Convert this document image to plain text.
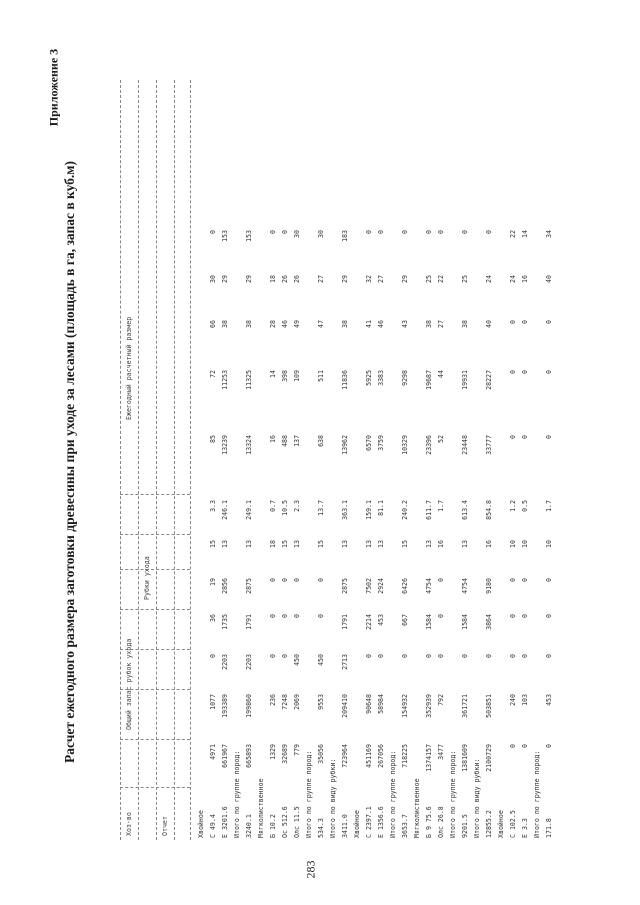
Приложение 3
Расчет ежегодного размера заготовки древесины при уходе за лесами (площадь в га, запас в куб.м)
Хоз-во
Общий запас рубок ухода
Рубки ухода
Ежегодный расчетный размер
Отчет	Хвойное С 49.4
4971
1077
0
36
19
15
3.3
85
72
66
30
0
Е 3201.6
661967
193389
2203
1735
2856
13
246.1
13239
11253
38
29
153
Итого по группе пород: 3240.1
665893
199860
2203
1791
2875
13
249.1
13324
11325
38
29
153
Мягколиственное Б 10.2
1329
236
0
0
0
18
0.7
16
14
28
18
0
Ос 512.6
32689
7248
0
0
0
15
10.5
488
398
46
26
0
Олс 11.5
779
2069
450
0
0
13
2.3
137
109
49
26
30
Итого по группе пород: 534.3
35056
9553
450
0
0
15
13.7
638
511
47
27
30
Итого по виду рубки: 3411.0
723964
209410
2713
1791
2875
13
363.1
13962
11836
38
29
183
Хвойное С 2397.1
451169
90648
0
2214
7502
13
159.1
6570
5925
41
32
0
Е 1356.6
267056
58984
0
453
2924
13
81.1
3759
3383
46
27
0
Итого по группе пород: 3653.7
718225
154932
0
667
6426
15
240.2
10329
9298
43
29
0
Мягколиственное Б 9 75.6
1374157
352939
0
1584
4754
13
611.7
23396
19687
38
25
0
Олс 26.8
3477
792
0
0
0
16
1.7
52
44
27
22
0
Итого по группе пород: 9201.5
1381609
361721
0
1584
4754
13
613.4
23448
19931
38
25
0
Итого по виду рубки: 12855.2
2100729
503851
0
3864
9180
16
854.8
33777
28227
40
24
0
Хвойное С 102.5
0
240
0
0
0
10
1.2
0
0
0
24
22
Е 3.3
0
103
0
0
0
10
0.5
0
0
0
16
14
Итого по группе пород: 171.8
0
453
0
0
0
10
1.7
0
0
0
40
34
283
